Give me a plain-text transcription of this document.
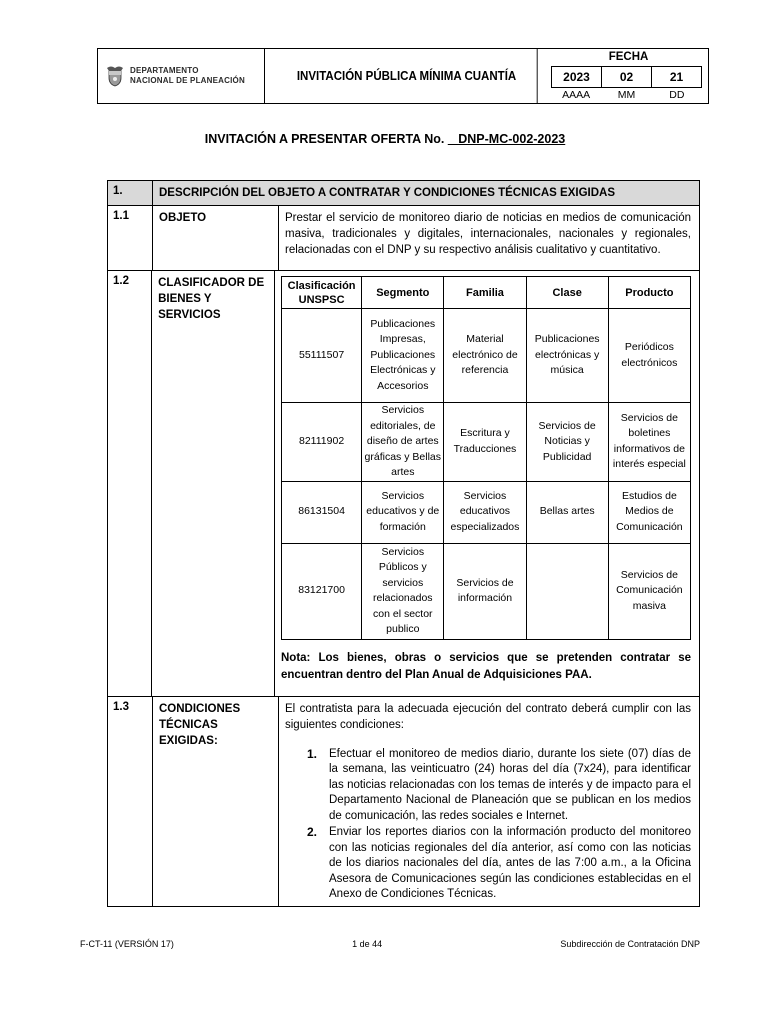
DEPARTAMENTO
NACIONAL DE PLANEACIÓN	INVITACIÓN PÚBLICA MÍNIMA CUANTÍA
FECHA
2023	02	21
AAAA	MM	DD
INVITACIÓN A PRESENTAR OFERTA No. _ DNP-MC-002-2023
1.	DESCRIPCIÓN DEL OBJETO A CONTRATAR Y CONDICIONES TÉCNICAS EXIGIDAS
1.1	OBJETO	Prestar el servicio de monitoreo diario de noticias en medios de comunicación masiva, tradicionales y digitales, internacionales, nacionales y regionales, relacionadas con el DNP y su respectivo análisis cualitativo y cuantitativo.
1.2	CLASIFICADOR DE BIENES Y SERVICIOS
Clasificación UNSPSC	Segmento	Familia	Clase	Producto
55111507	Publicaciones Impresas, Publicaciones Electrónicas y Accesorios	Material electrónico de referencia	Publicaciones electrónicas y música	Periódicos electrónicos
82111902	Servicios editoriales, de diseño de artes gráficas y Bellas artes	Escritura y Traducciones	Servicios de Noticias y Publicidad	Servicios de boletines informativos de interés especial
86131504	Servicios educativos y de formación	Servicios educativos especializados	Bellas artes	Estudios de Medios de Comunicación
83121700	Servicios Públicos y servicios relacionados con el sector publico	Servicios de información		Servicios de Comunicación masiva
Nota: Los bienes, obras o servicios que se pretenden contratar se encuentran dentro del Plan Anual de Adquisiciones PAA.
1.3	CONDICIONES TÉCNICAS EXIGIDAS:
El contratista para la adecuada ejecución del contrato deberá cumplir con las siguientes condiciones:
1.	Efectuar el monitoreo de medios diario, durante los siete (07) días de la semana, las veinticuatro (24) horas del día (7x24), para identificar las noticias relacionadas con los temas de interés y de impacto para el Departamento Nacional de Planeación que se publican en los medios de comunicación, las redes sociales e Internet.
2.	Enviar los reportes diarios con la información producto del monitoreo con las noticias regionales del día anterior, así como con las noticias de los diarios nacionales del día, antes de las 7:00 a.m., a la Oficina Asesora de Comunicaciones según las condiciones establecidas en el Anexo de Condiciones Técnicas.
F-CT-11 (VERSIÓN 17)	1 de 44	Subdirección de Contratación DNP
